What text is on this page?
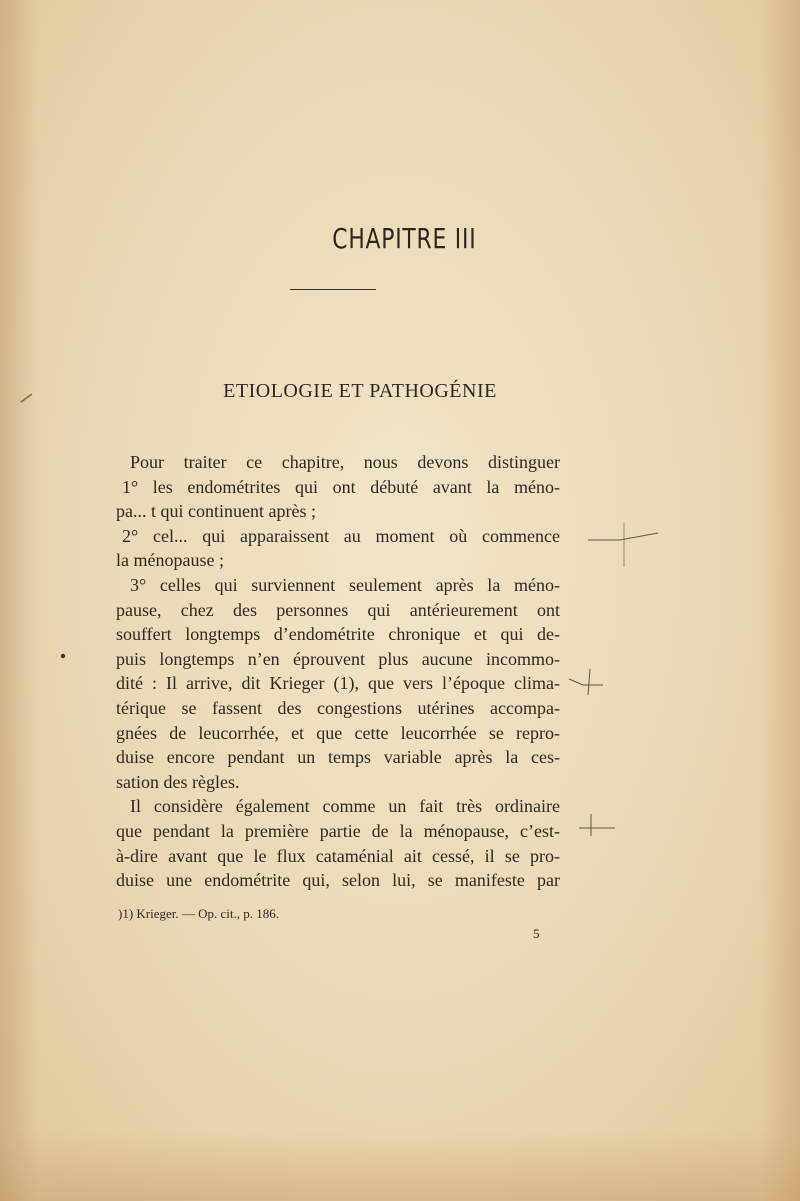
CHAPITRE III
ETIOLOGIE ET PATHOGÉNIE
Pour traiter ce chapitre, nous devons distinguer
1° les endométrites qui ont débuté avant la méno-
pa... t qui continuent après ;
2° cel... qui apparaissent au moment où commence
la ménopause ;
3° celles qui surviennent seulement après la méno-
pause, chez des personnes qui antérieurement ont
souffert longtemps d’endométrite chronique et qui de-
puis longtemps n’en éprouvent plus aucune incommo-
dité : Il arrive, dit Krieger (1), que vers l’époque clima-
térique se fassent des congestions utérines accompa-
gnées de leucorrhée, et que cette leucorrhée se repro-
duise encore pendant un temps variable après la ces-
sation des règles.
Il considère également comme un fait très ordinaire
que pendant la première partie de la ménopause, c’est-
à-dire avant que le flux cataménial ait cessé, il se pro-
duise une endométrite qui, selon lui, se manifeste par
)1) Krieger. — Op. cit., p. 186.
5
